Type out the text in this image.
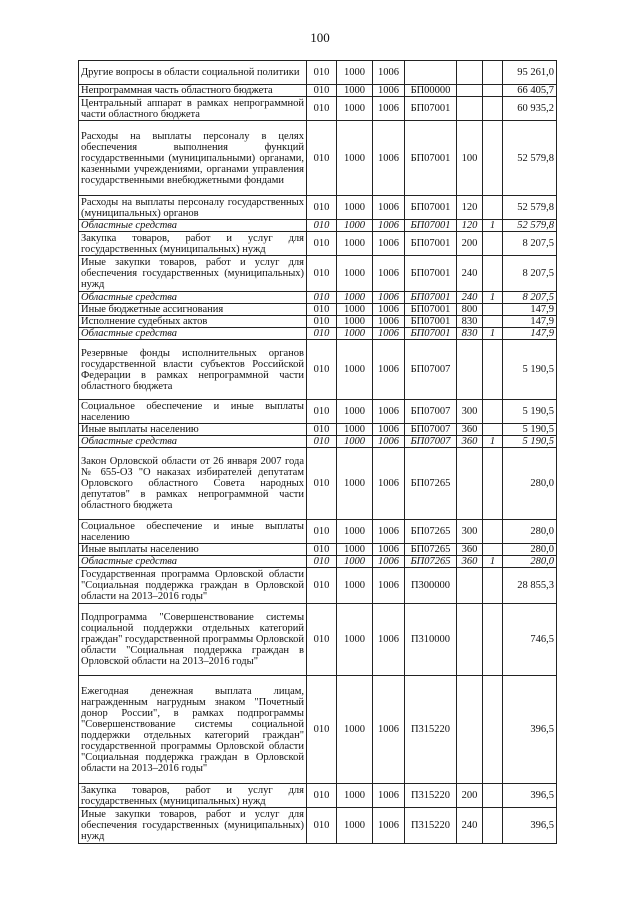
100
Другие вопросы в области социальной политики	010	1000	1006				95 261,0
Непрограммная часть областного бюджета	010	1000	1006	БП00000			66 405,7
Центральный аппарат в рамках непрограммной части областного бюджета	010	1000	1006	БП07001			60 935,2
Расходы на выплаты персоналу в целях обеспечения выполнения функций государственными (муниципальными) органами, казенными учреждениями, органами управления государственными внебюджетными фондами	010	1000	1006	БП07001	100		52 579,8
Расходы на выплаты персоналу государственных (муниципальных) органов	010	1000	1006	БП07001	120		52 579,8
Областные средства	010	1000	1006	БП07001	120	1	52 579,8
Закупка товаров, работ и услуг для государственных (муниципальных) нужд	010	1000	1006	БП07001	200		8 207,5
Иные закупки товаров, работ и услуг для обеспечения государственных (муниципальных) нужд	010	1000	1006	БП07001	240		8 207,5
Областные средства	010	1000	1006	БП07001	240	1	8 207,5
Иные бюджетные ассигнования	010	1000	1006	БП07001	800		147,9
Исполнение судебных актов	010	1000	1006	БП07001	830		147,9
Областные средства	010	1000	1006	БП07001	830	1	147,9
Резервные фонды исполнительных органов государственной власти субъектов Российской Федерации в рамках непрограммной части областного бюджета	010	1000	1006	БП07007			5 190,5
Социальное обеспечение и иные выплаты населению	010	1000	1006	БП07007	300		5 190,5
Иные выплаты населению	010	1000	1006	БП07007	360		5 190,5
Областные средства	010	1000	1006	БП07007	360	1	5 190,5
Закон Орловской области от 26 января 2007 года № 655-ОЗ "О наказах избирателей депутатам Орловского областного Совета народных депутатов" в рамках непрограммной части областного бюджета	010	1000	1006	БП07265			280,0
Социальное обеспечение и иные выплаты населению	010	1000	1006	БП07265	300		280,0
Иные выплаты населению	010	1000	1006	БП07265	360		280,0
Областные средства	010	1000	1006	БП07265	360	1	280,0
Государственная программа Орловской области "Социальная поддержка граждан в Орловской области на 2013–2016 годы"	010	1000	1006	П300000			28 855,3
Подпрограмма "Совершенствование системы социальной поддержки отдельных категорий граждан" государственной программы Орловской области "Социальная поддержка граждан в Орловской области на 2013–2016 годы"	010	1000	1006	П310000			746,5
Ежегодная денежная выплата лицам, награжденным нагрудным знаком "Почетный донор России", в рамках подпрограммы "Совершенствование системы социальной поддержки отдельных категорий граждан" государственной программы Орловской области "Социальная поддержка граждан в Орловской области на 2013–2016 годы"	010	1000	1006	П315220			396,5
Закупка товаров, работ и услуг для государственных (муниципальных) нужд	010	1000	1006	П315220	200		396,5
Иные закупки товаров, работ и услуг для обеспечения государственных (муниципальных) нужд	010	1000	1006	П315220	240		396,5
